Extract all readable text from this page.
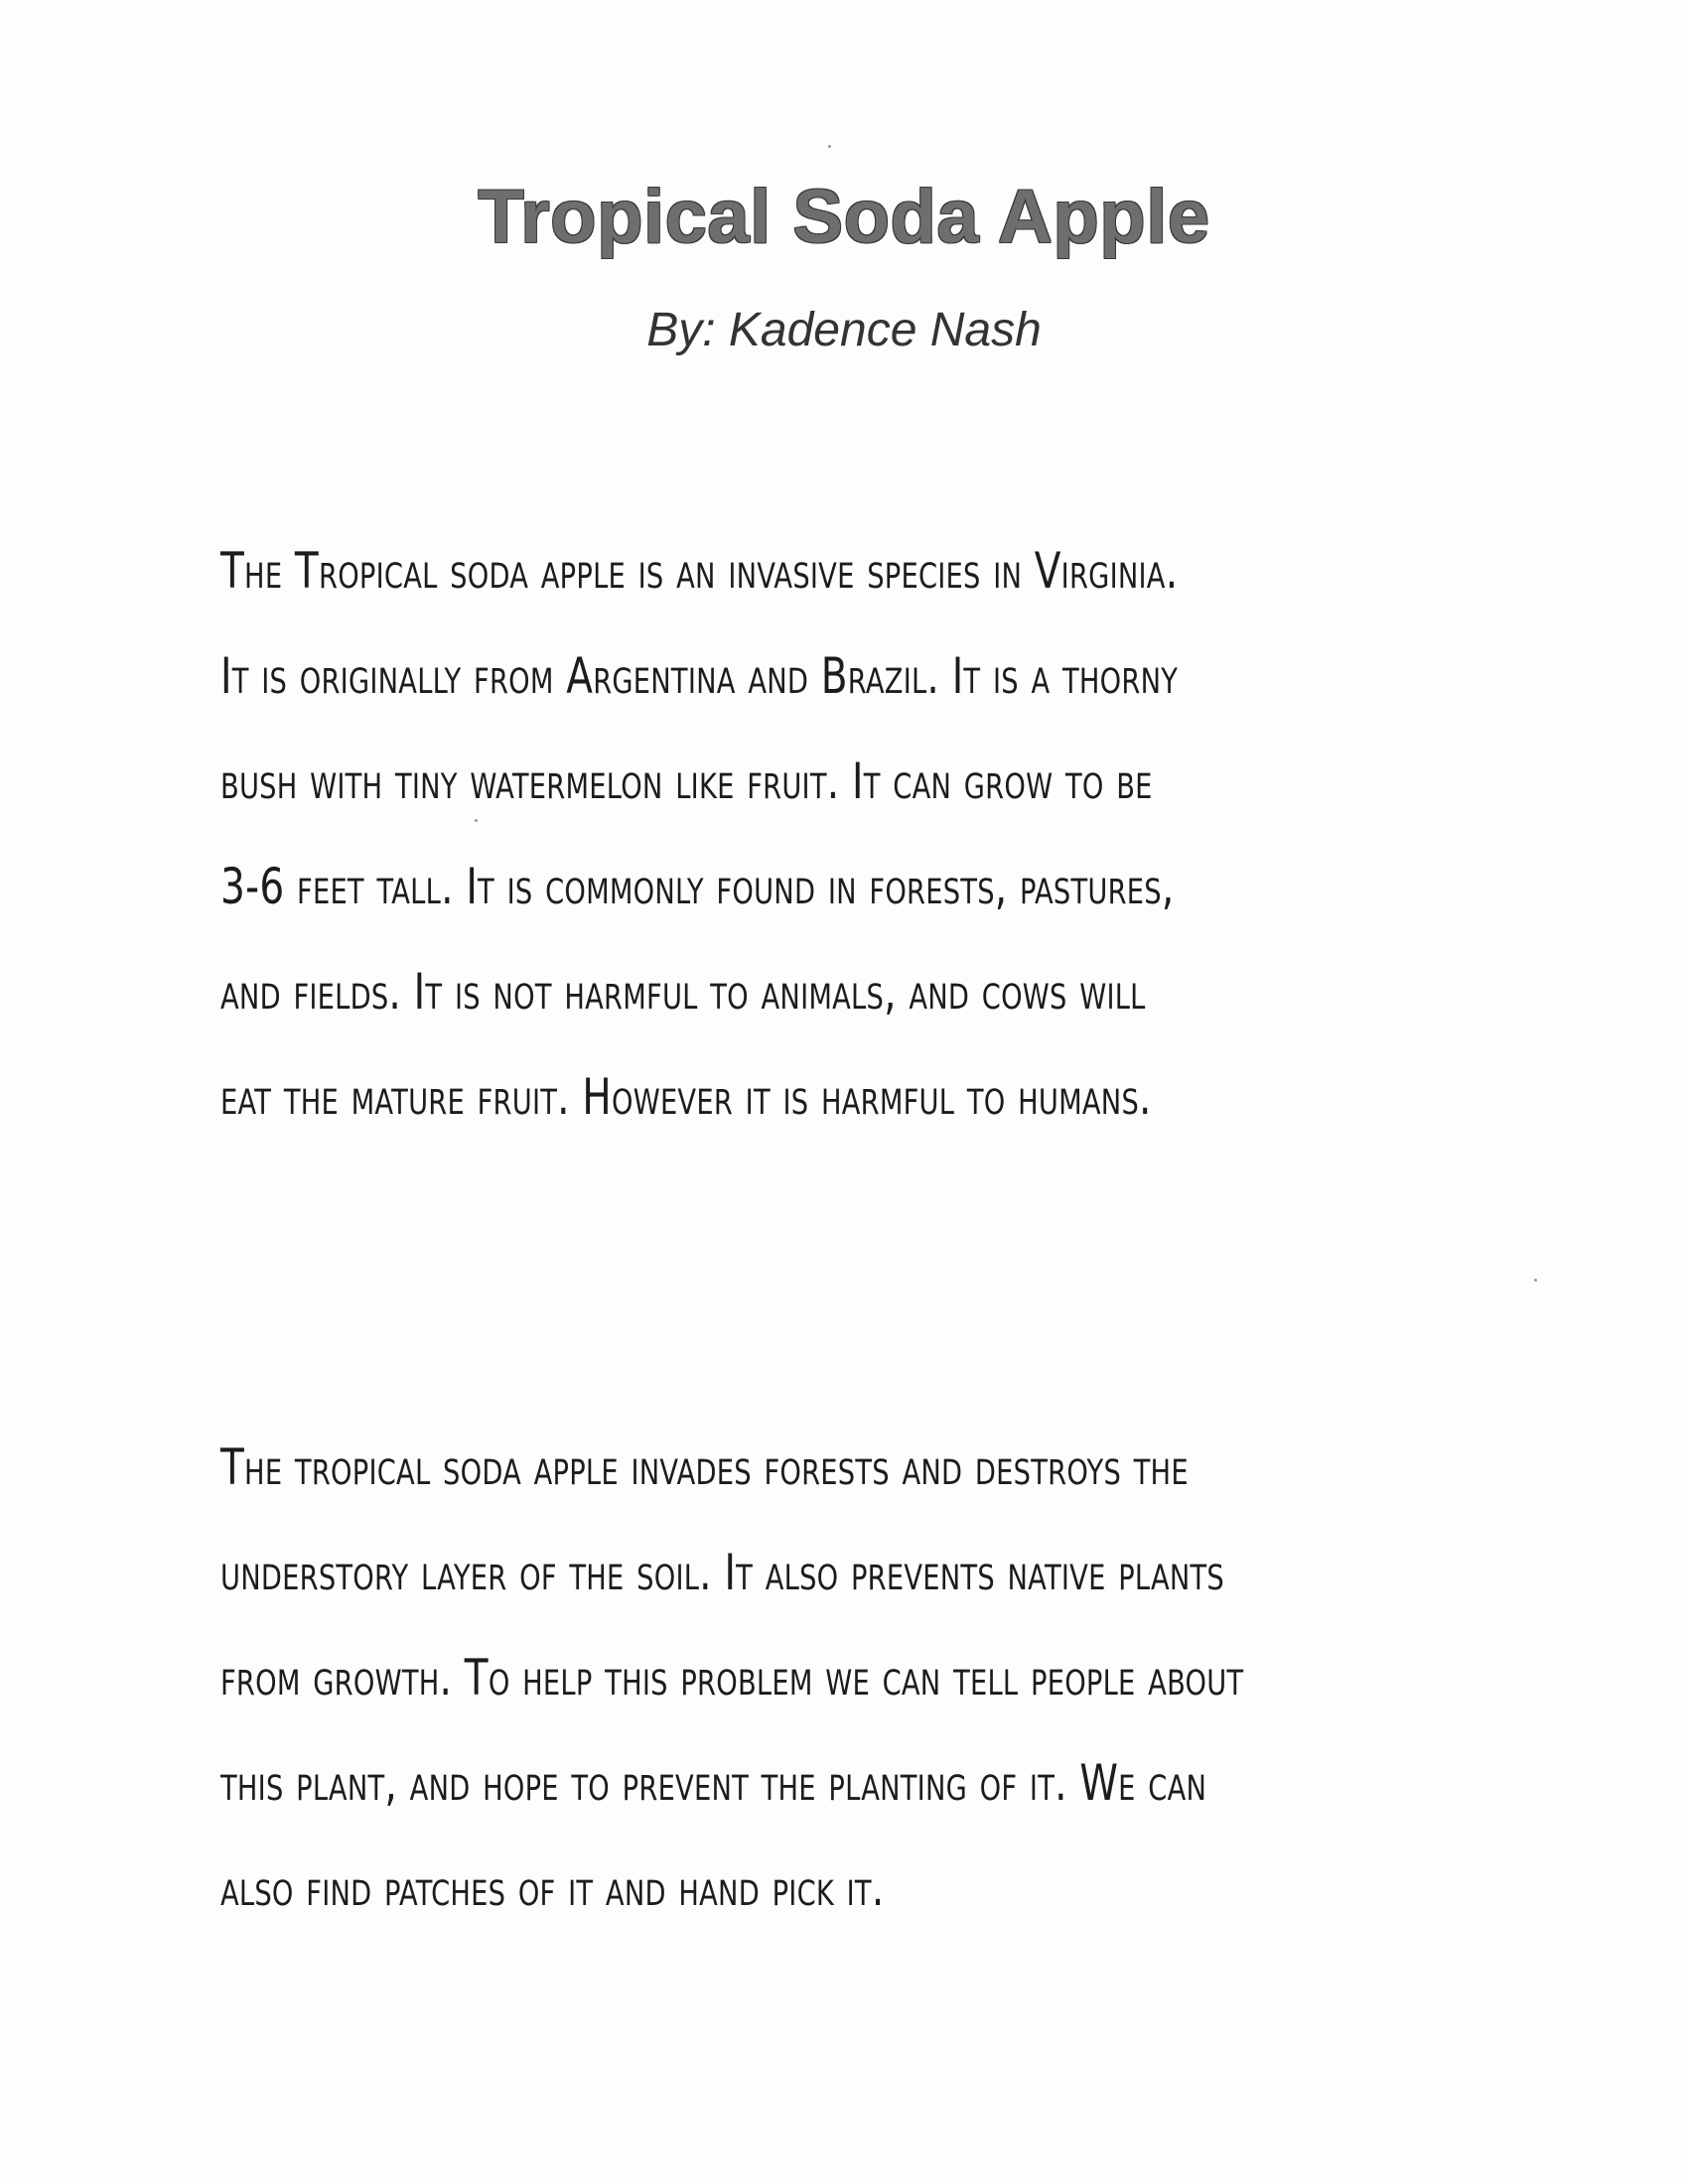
Tropical Soda Apple
By: Kadence Nash
The Tropical soda apple is an invasive species in Virginia.
It is originally from Argentina and Brazil. It is a thorny
bush with tiny watermelon like fruit. It can grow to be
3-6 feet tall. It is commonly found in forests, pastures,
and fields. It is not harmful to animals, and cows will
eat the mature fruit. However it is harmful to humans.
The tropical soda apple invades forests and destroys the
understory layer of the soil. It also prevents native plants
from growth. To help this problem we can tell people about
this plant, and hope to prevent the planting of it. We can
also find patches of it and hand pick it.
